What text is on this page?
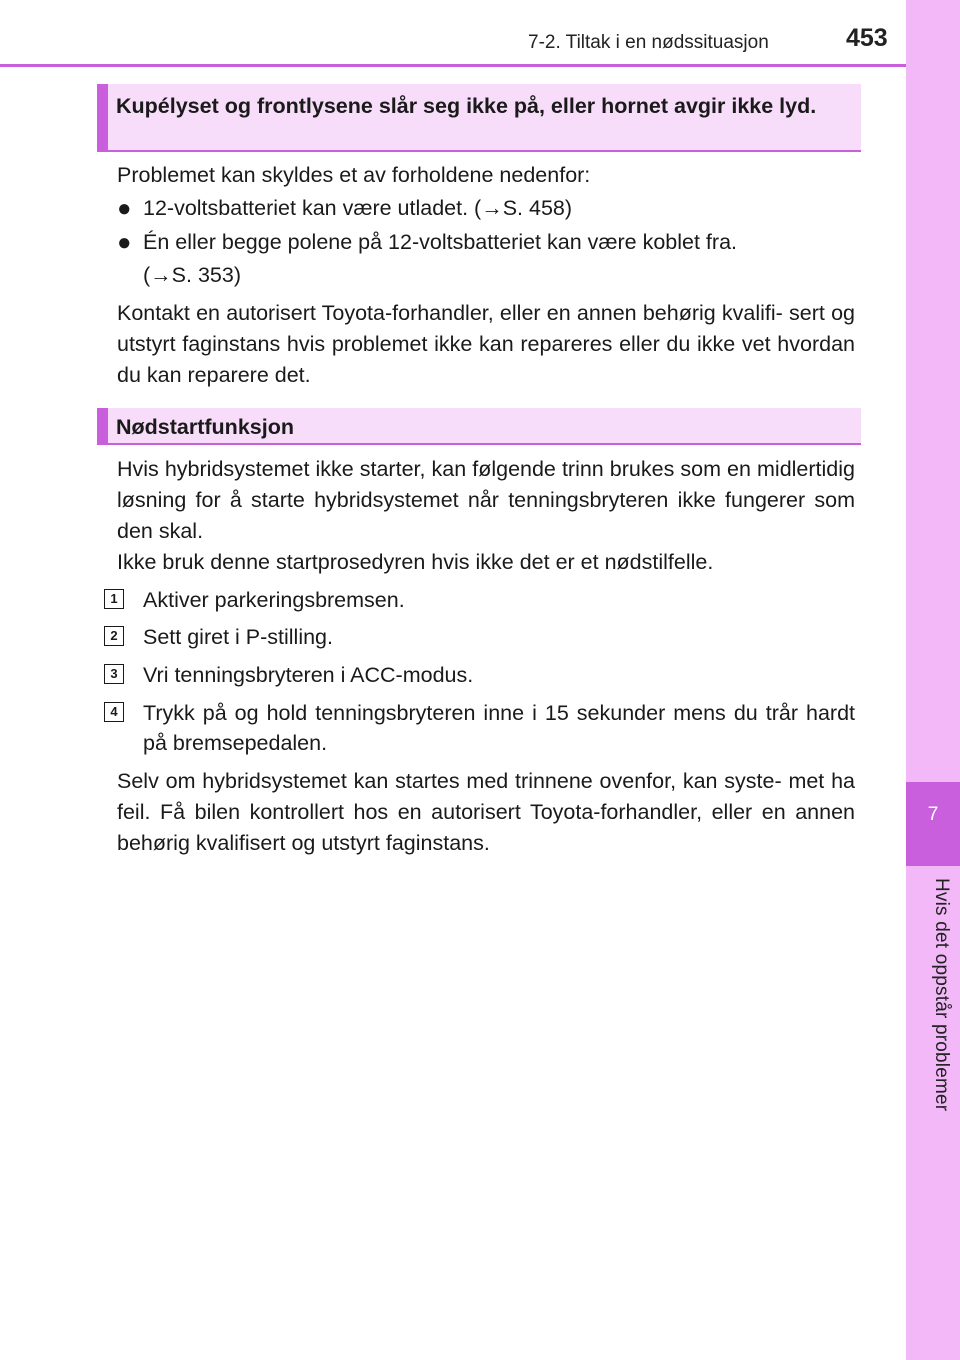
7-2. Tiltak i en nødssituasjon	453
7
Hvis det oppstår problemer
Kupélyset og frontlysene slår seg ikke på, eller hornet avgir ikke lyd.

Problemet kan skyldes et av forholdene nedenfor:

● 12-voltsbatteriet kan være utladet. (→S. 458)
● Én eller begge polene på 12-voltsbatteriet kan være koblet fra.
(→S. 353)

Kontakt en autorisert Toyota-forhandler, eller en annen behørig kvalifi- sert og utstyrt faginstans hvis problemet ikke kan repareres eller du ikke vet hvordan du kan reparere det.

Nødstartfunksjon

Hvis hybridsystemet ikke starter, kan følgende trinn brukes som en midlertidig løsning for å starte hybridsystemet når tenningsbryteren ikke fungerer som den skal.

Ikke bruk denne startprosedyren hvis ikke det er et nødstilfelle.

1 Aktiver parkeringsbremsen.
2 Sett giret i P-stilling.
3 Vri tenningsbryteren i ACC-modus.
4 Trykk på og hold tenningsbryteren inne i 15 sekunder mens du trår hardt på bremsepedalen.

Selv om hybridsystemet kan startes med trinnene ovenfor, kan syste- met ha feil. Få bilen kontrollert hos en autorisert Toyota-forhandler, eller en annen behørig kvalifisert og utstyrt faginstans.
